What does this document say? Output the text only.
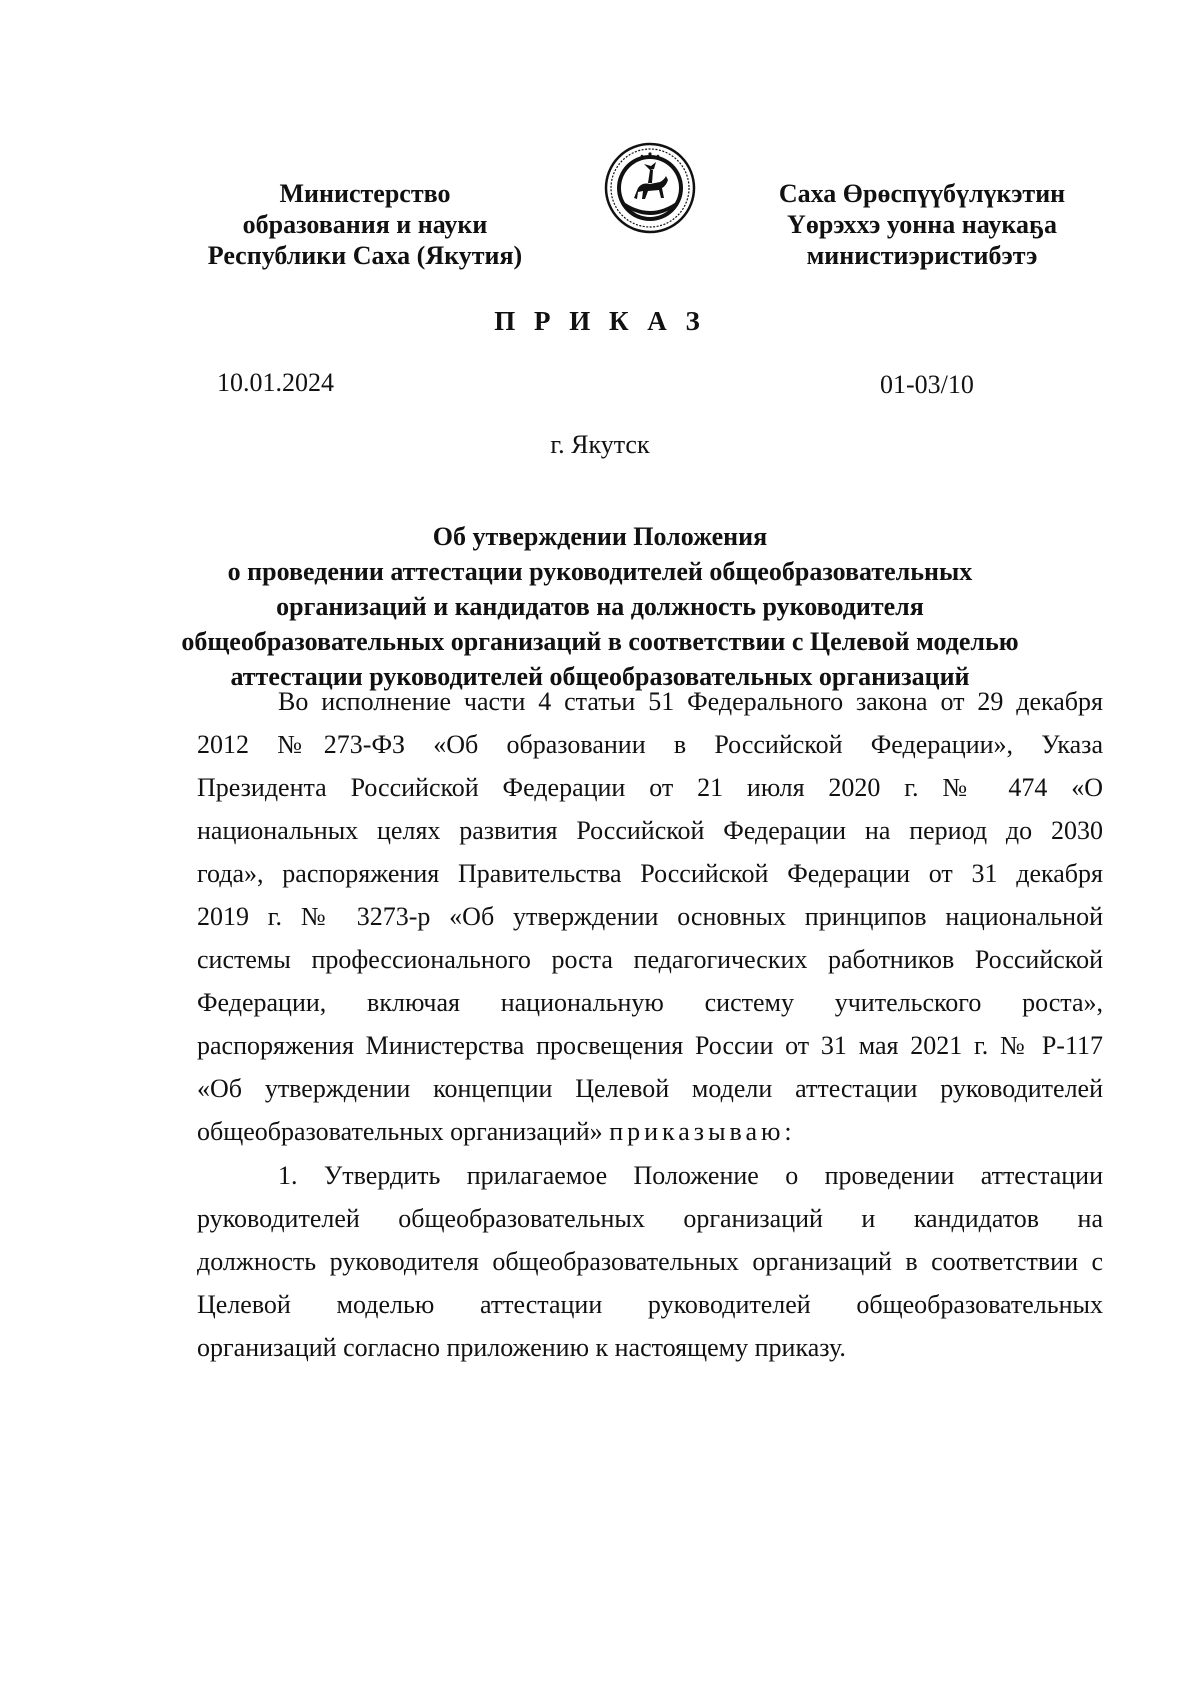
Министерство
образования и науки
Республики Саха (Якутия)
Саха Өрөспүүбүлүкэтин
Үөрэххэ уонна наукаҕа
министиэристибэтэ
П Р И К А З
10.01.2024	01-03/10
г. Якутск
Об утверждении Положения
о проведении аттестации руководителей общеобразовательных
организаций и кандидатов на должность руководителя
общеобразовательных организаций в соответствии с Целевой моделью
аттестации руководителей общеобразовательных организаций
Во исполнение части 4 статьи 51 Федерального закона от 29 декабря
2012 №273-ФЗ «Об образовании в Российской Федерации», Указа
Президента Российской Федерации от 21 июля 2020 г. № 474 «О
национальных целях развития Российской Федерации на период до 2030
года», распоряжения Правительства Российской Федерации от 31 декабря
2019 г. № 3273-р «Об утверждении основных принципов национальной
системы профессионального роста педагогических работников Российской
Федерации, включая национальную систему учительского роста»,
распоряжения Министерства просвещения России от 31 мая 2021 г. № Р-117
«Об утверждении концепции Целевой модели аттестации руководителей
общеобразовательных организаций» приказываю:
1. Утвердить прилагаемое Положение о проведении аттестации
руководителей общеобразовательных организаций и кандидатов на
должность руководителя общеобразовательных организаций в соответствии с
Целевой моделью аттестации руководителей общеобразовательных
организаций согласно приложению к настоящему приказу.
